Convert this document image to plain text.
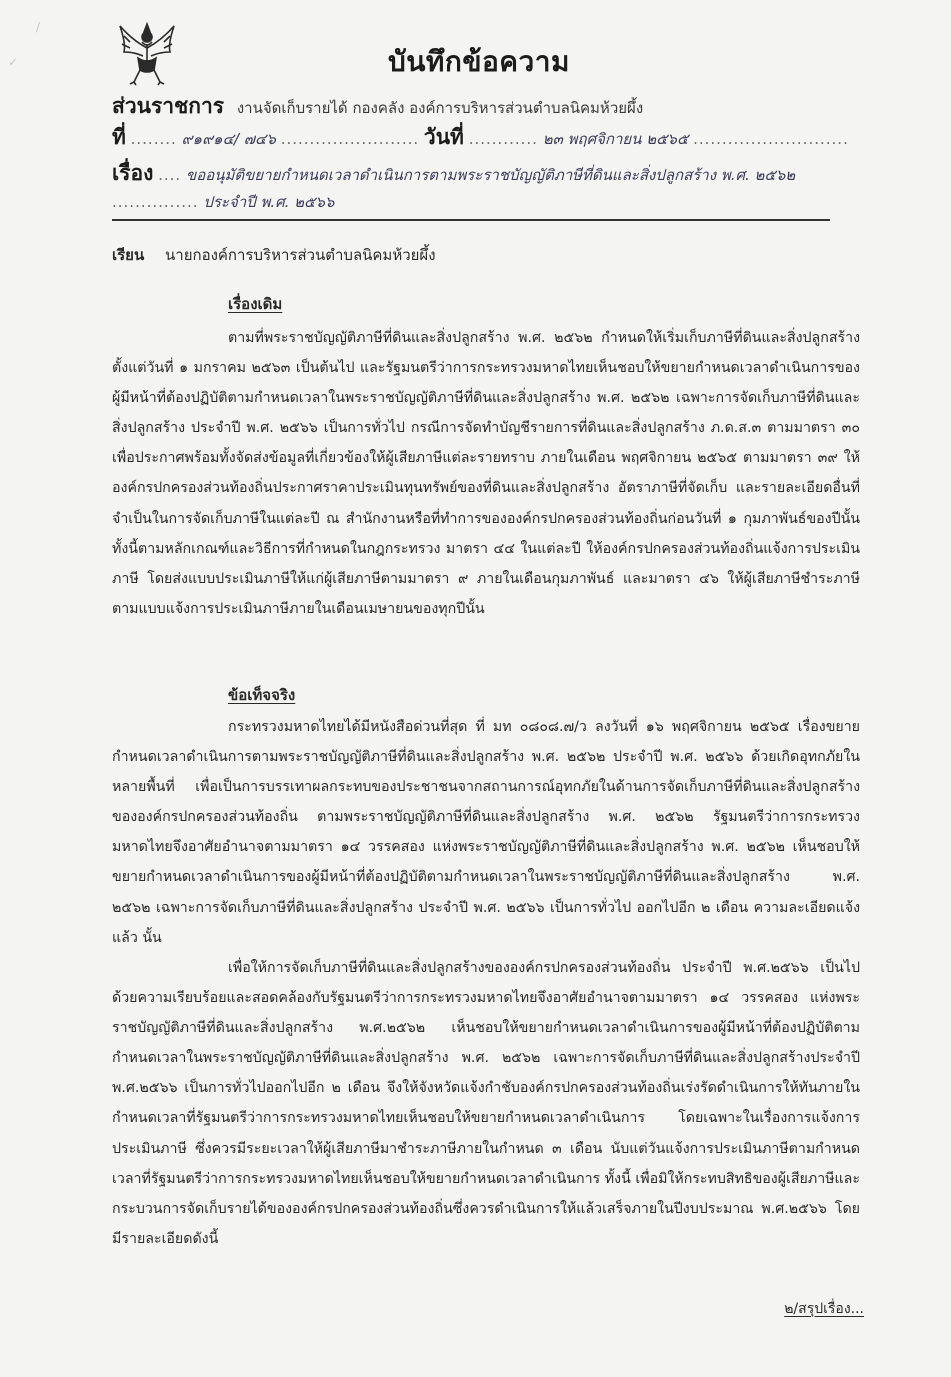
บันทึกข้อความ
ส่วนราชการ งานจัดเก็บรายได้ กองคลัง องค์การบริหารส่วนตำบลนิคมห้วยผึ้ง
ที่ ........ ๙๑๙๑๔/ ๗๔๖ ........................ วันที่ ............ ๒๓ พฤศจิกายน ๒๕๖๕ ...........................
เรื่อง .... ขออนุมัติขยายกำหนดเวลาดำเนินการตามพระราชบัญญัติภาษีที่ดินและสิ่งปลูกสร้าง พ.ศ. ๒๕๖๒
............... ประจำปี พ.ศ. ๒๕๖๖
เรียน นายกองค์การบริหารส่วนตำบลนิคมห้วยผึ้ง
เรื่องเดิม

ตามที่พระราชบัญญัติภาษีที่ดินและสิ่งปลูกสร้าง พ.ศ. ๒๕๖๒ กำหนดให้เริ่มเก็บภาษีที่ดินและสิ่งปลูกสร้าง ตั้งแต่วันที่ ๑ มกราคม ๒๕๖๓ เป็นต้นไป และรัฐมนตรีว่าการกระทรวงมหาดไทยเห็นชอบให้ขยายกำหนดเวลาดำเนินการของผู้มีหน้าที่ต้องปฏิบัติตามกำหนดเวลาในพระราชบัญญัติภาษีที่ดินและสิ่งปลูกสร้าง พ.ศ. ๒๕๖๒ เฉพาะการจัดเก็บภาษีที่ดินและสิ่งปลูกสร้าง ประจำปี พ.ศ. ๒๕๖๖ เป็นการทั่วไป กรณีการจัดทำบัญชีรายการที่ดินและสิ่งปลูกสร้าง ภ.ด.ส.๓ ตามมาตรา ๓๐ เพื่อประกาศพร้อมทั้งจัดส่งข้อมูลที่เกี่ยวข้องให้ผู้เสียภาษีแต่ละรายทราบ ภายในเดือน พฤศจิกายน ๒๕๖๕ ตามมาตรา ๓๙ ให้องค์กรปกครองส่วนท้องถิ่นประกาศราคาประเมินทุนทรัพย์ของที่ดินและสิ่งปลูกสร้าง อัตราภาษีที่จัดเก็บ และรายละเอียดอื่นที่จำเป็นในการจัดเก็บภาษีในแต่ละปี ณ สำนักงานหรือที่ทำการขององค์กรปกครองส่วนท้องถิ่นก่อนวันที่ ๑ กุมภาพันธ์ของปีนั้น ทั้งนี้ตามหลักเกณฑ์และวิธีการที่กำหนดในกฎกระทรวง มาตรา ๔๔ ในแต่ละปี ให้องค์กรปกครองส่วนท้องถิ่นแจ้งการประเมินภาษี โดยส่งแบบประเมินภาษีให้แก่ผู้เสียภาษีตามมาตรา ๙ ภายในเดือนกุมภาพันธ์ และมาตรา ๔๖ ให้ผู้เสียภาษีชำระภาษีตามแบบแจ้งการประเมินภาษีภายในเดือนเมษายนของทุกปีนั้น

ข้อเท็จจริง

กระทรวงมหาดไทยได้มีหนังสือด่วนที่สุด ที่ มท ๐๘๐๘.๗/ว ลงวันที่ ๑๖ พฤศจิกายน ๒๕๖๕ เรื่องขยายกำหนดเวลาดำเนินการตามพระราชบัญญัติภาษีที่ดินและสิ่งปลูกสร้าง พ.ศ. ๒๕๖๒ ประจำปี พ.ศ. ๒๕๖๖ ด้วยเกิดอุทกภัยในหลายพื้นที่ เพื่อเป็นการบรรเทาผลกระทบของประชาชนจากสถานการณ์อุทกภัยในด้านการจัดเก็บภาษีที่ดินและสิ่งปลูกสร้างขององค์กรปกครองส่วนท้องถิ่น ตามพระราชบัญญัติภาษีที่ดินและสิ่งปลูกสร้าง พ.ศ. ๒๕๖๒ รัฐมนตรีว่าการกระทรวงมหาดไทยจึงอาศัยอำนาจตามมาตรา ๑๔ วรรคสอง แห่งพระราชบัญญัติภาษีที่ดินและสิ่งปลูกสร้าง พ.ศ. ๒๕๖๒ เห็นชอบให้ขยายกำหนดเวลาดำเนินการของผู้มีหน้าที่ต้องปฏิบัติตามกำหนดเวลาในพระราชบัญญัติภาษีที่ดินและสิ่งปลูกสร้าง พ.ศ. ๒๕๖๒ เฉพาะการจัดเก็บภาษีที่ดินและสิ่งปลูกสร้าง ประจำปี พ.ศ. ๒๕๖๖ เป็นการทั่วไป ออกไปอีก ๒ เดือน ความละเอียดแจ้งแล้ว นั้น

เพื่อให้การจัดเก็บภาษีที่ดินและสิ่งปลูกสร้างขององค์กรปกครองส่วนท้องถิ่น ประจำปี พ.ศ.๒๕๖๖ เป็นไปด้วยความเรียบร้อยและสอดคล้องกับรัฐมนตรีว่าการกระทรวงมหาดไทยจึงอาศัยอำนาจตามมาตรา ๑๔ วรรคสอง แห่งพระราชบัญญัติภาษีที่ดินและสิ่งปลูกสร้าง พ.ศ.๒๕๖๒ เห็นชอบให้ขยายกำหนดเวลาดำเนินการของผู้มีหน้าที่ต้องปฏิบัติตามกำหนดเวลาในพระราชบัญญัติภาษีที่ดินและสิ่งปลูกสร้าง พ.ศ. ๒๕๖๒ เฉพาะการจัดเก็บภาษีที่ดินและสิ่งปลูกสร้างประจำปี พ.ศ.๒๕๖๖ เป็นการทั่วไปออกไปอีก ๒ เดือน จึงให้จังหวัดแจ้งกำชับองค์กรปกครองส่วนท้องถิ่นเร่งรัดดำเนินการให้ทันภายในกำหนดเวลาที่รัฐมนตรีว่าการกระทรวงมหาดไทยเห็นชอบให้ขยายกำหนดเวลาดำเนินการ โดยเฉพาะในเรื่องการแจ้งการประเมินภาษี ซึ่งควรมีระยะเวลาให้ผู้เสียภาษีมาชำระภาษีภายในกำหนด ๓ เดือน นับแต่วันแจ้งการประเมินภาษีตามกำหนดเวลาที่รัฐมนตรีว่าการกระทรวงมหาดไทยเห็นชอบให้ขยายกำหนดเวลาดำเนินการ ทั้งนี้ เพื่อมิให้กระทบสิทธิของผู้เสียภาษีและกระบวนการจัดเก็บรายได้ขององค์กรปกครองส่วนท้องถิ่นซึ่งควรดำเนินการให้แล้วเสร็จภายในปีงบประมาณ พ.ศ.๒๕๖๖ โดยมีรายละเอียดดังนี้

๒/สรุปเรื่อง...
✓
/
